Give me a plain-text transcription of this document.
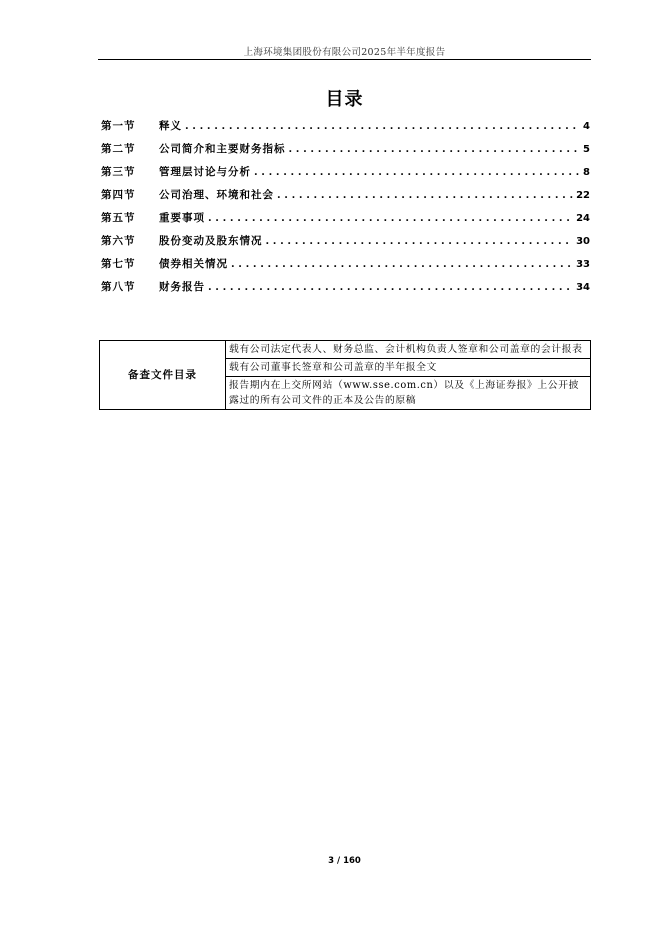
上海环境集团股份有限公司2025年半年度报告
目录
第一节	释义 . . .	4
第二节	公司简介和主要财务指标 . . .	5
第三节	管理层讨论与分析 . . .	8
第四节	公司治理、环境和社会 . . .	22
第五节	重要事项 . . .	24
第六节	股份变动及股东情况 . . .	30
第七节	债券相关情况 . . .	33
第八节	财务报告 . . .	34
备查文件目录	载有公司法定代表人、财务总监、会计机构负责人签章和公司盖章的会计报表
载有公司董事长签章和公司盖章的半年报全文
报告期内在上交所网站（www.sse.com.cn）以及《上海证券报》上公开披露过的所有公司文件的正本及公告的原稿
3 / 160
